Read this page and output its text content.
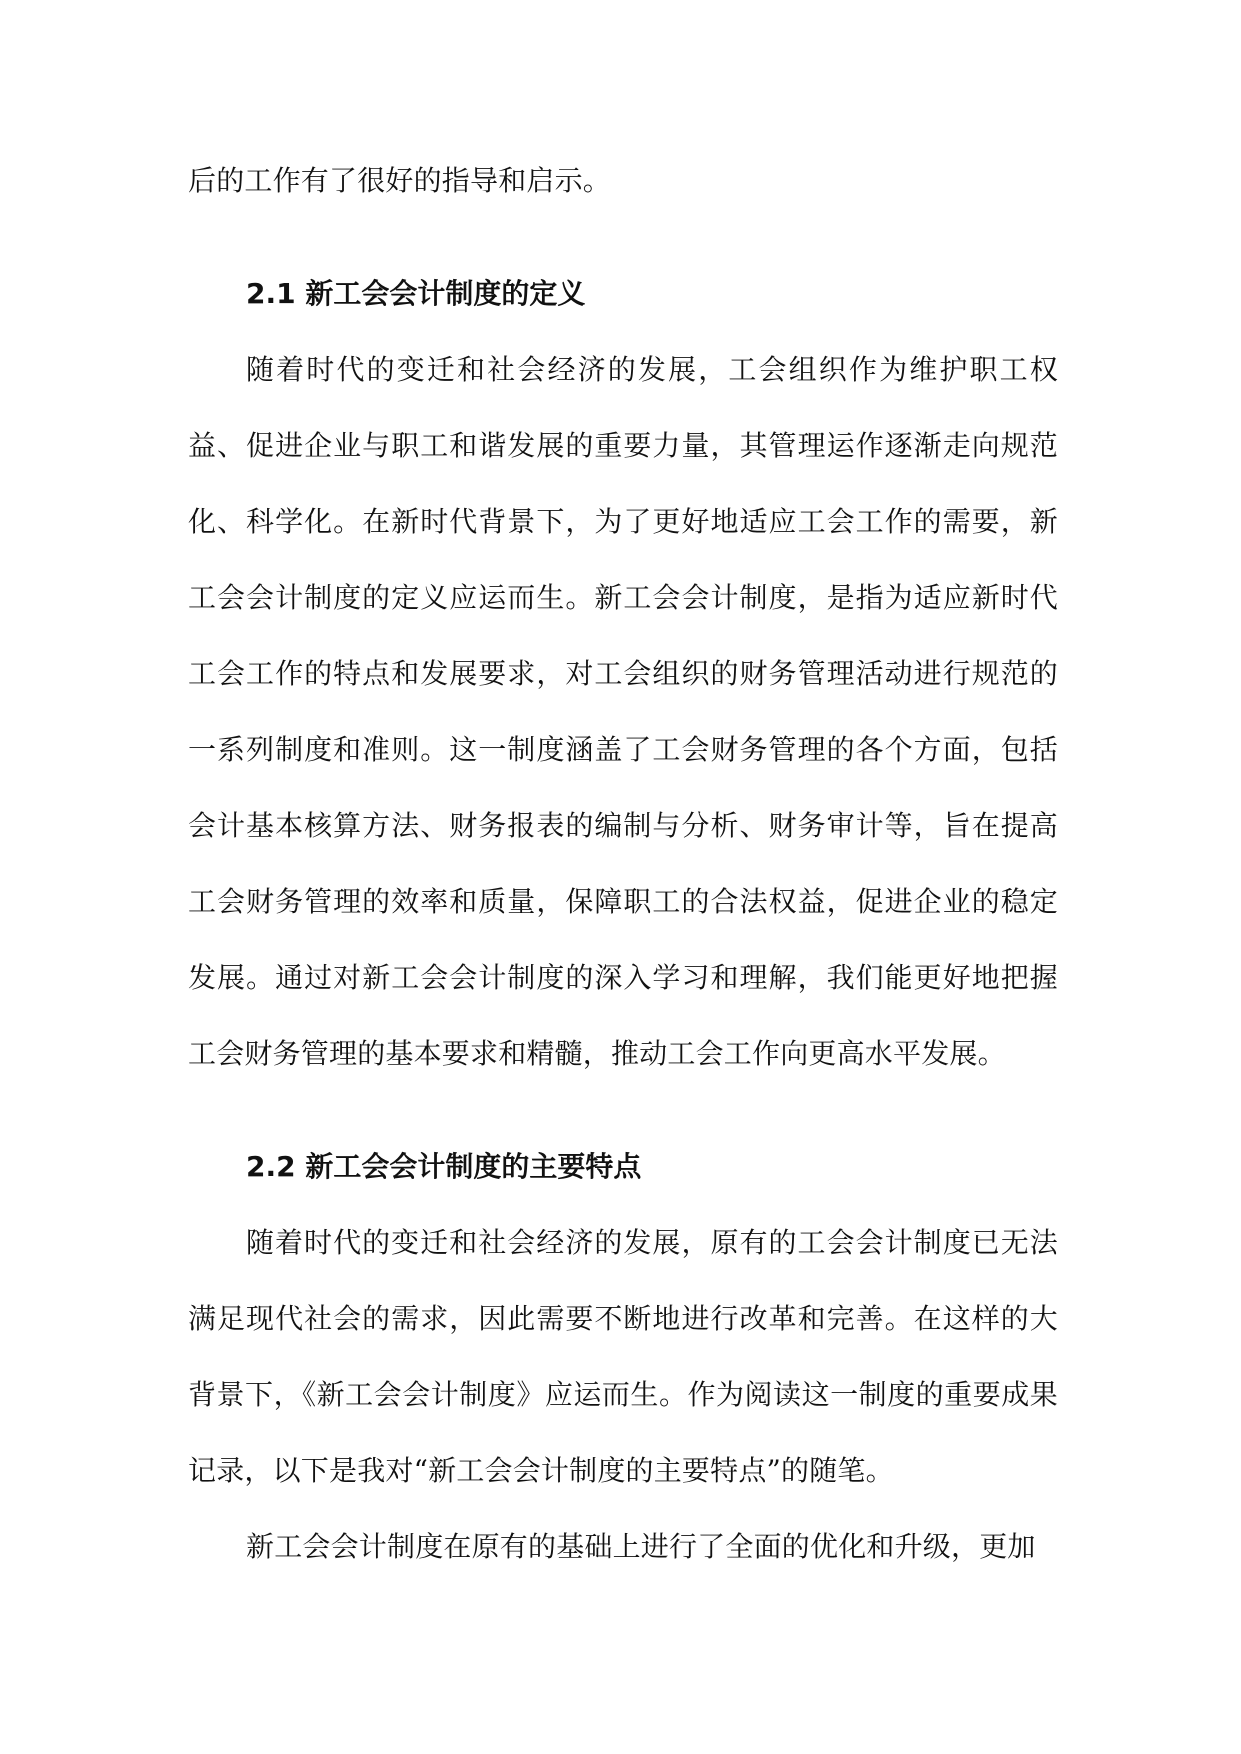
后的工作有了很好的指导和启示。

2.1 新工会会计制度的定义

随着时代的变迁和社会经济的发展，工会组织作为维护职工权益、促进企业与职工和谐发展的重要力量，其管理运作逐渐走向规范化、科学化。在新时代背景下，为了更好地适应工会工作的需要，新工会会计制度的定义应运而生。新工会会计制度，是指为适应新时代工会工作的特点和发展要求，对工会组织的财务管理活动进行规范的一系列制度和准则。这一制度涵盖了工会财务管理的各个方面，包括会计基本核算方法、财务报表的编制与分析、财务审计等，旨在提高工会财务管理的效率和质量，保障职工的合法权益，促进企业的稳定发展。通过对新工会会计制度的深入学习和理解，我们能更好地把握工会财务管理的基本要求和精髓，推动工会工作向更高水平发展。

2.2 新工会会计制度的主要特点

随着时代的变迁和社会经济的发展，原有的工会会计制度已无法满足现代社会的需求，因此需要不断地进行改革和完善。在这样的大背景下，《新工会会计制度》应运而生。作为阅读这一制度的重要成果记录，以下是我对“新工会会计制度的主要特点”的随笔。

新工会会计制度在原有的基础上进行了全面的优化和升级，更加
